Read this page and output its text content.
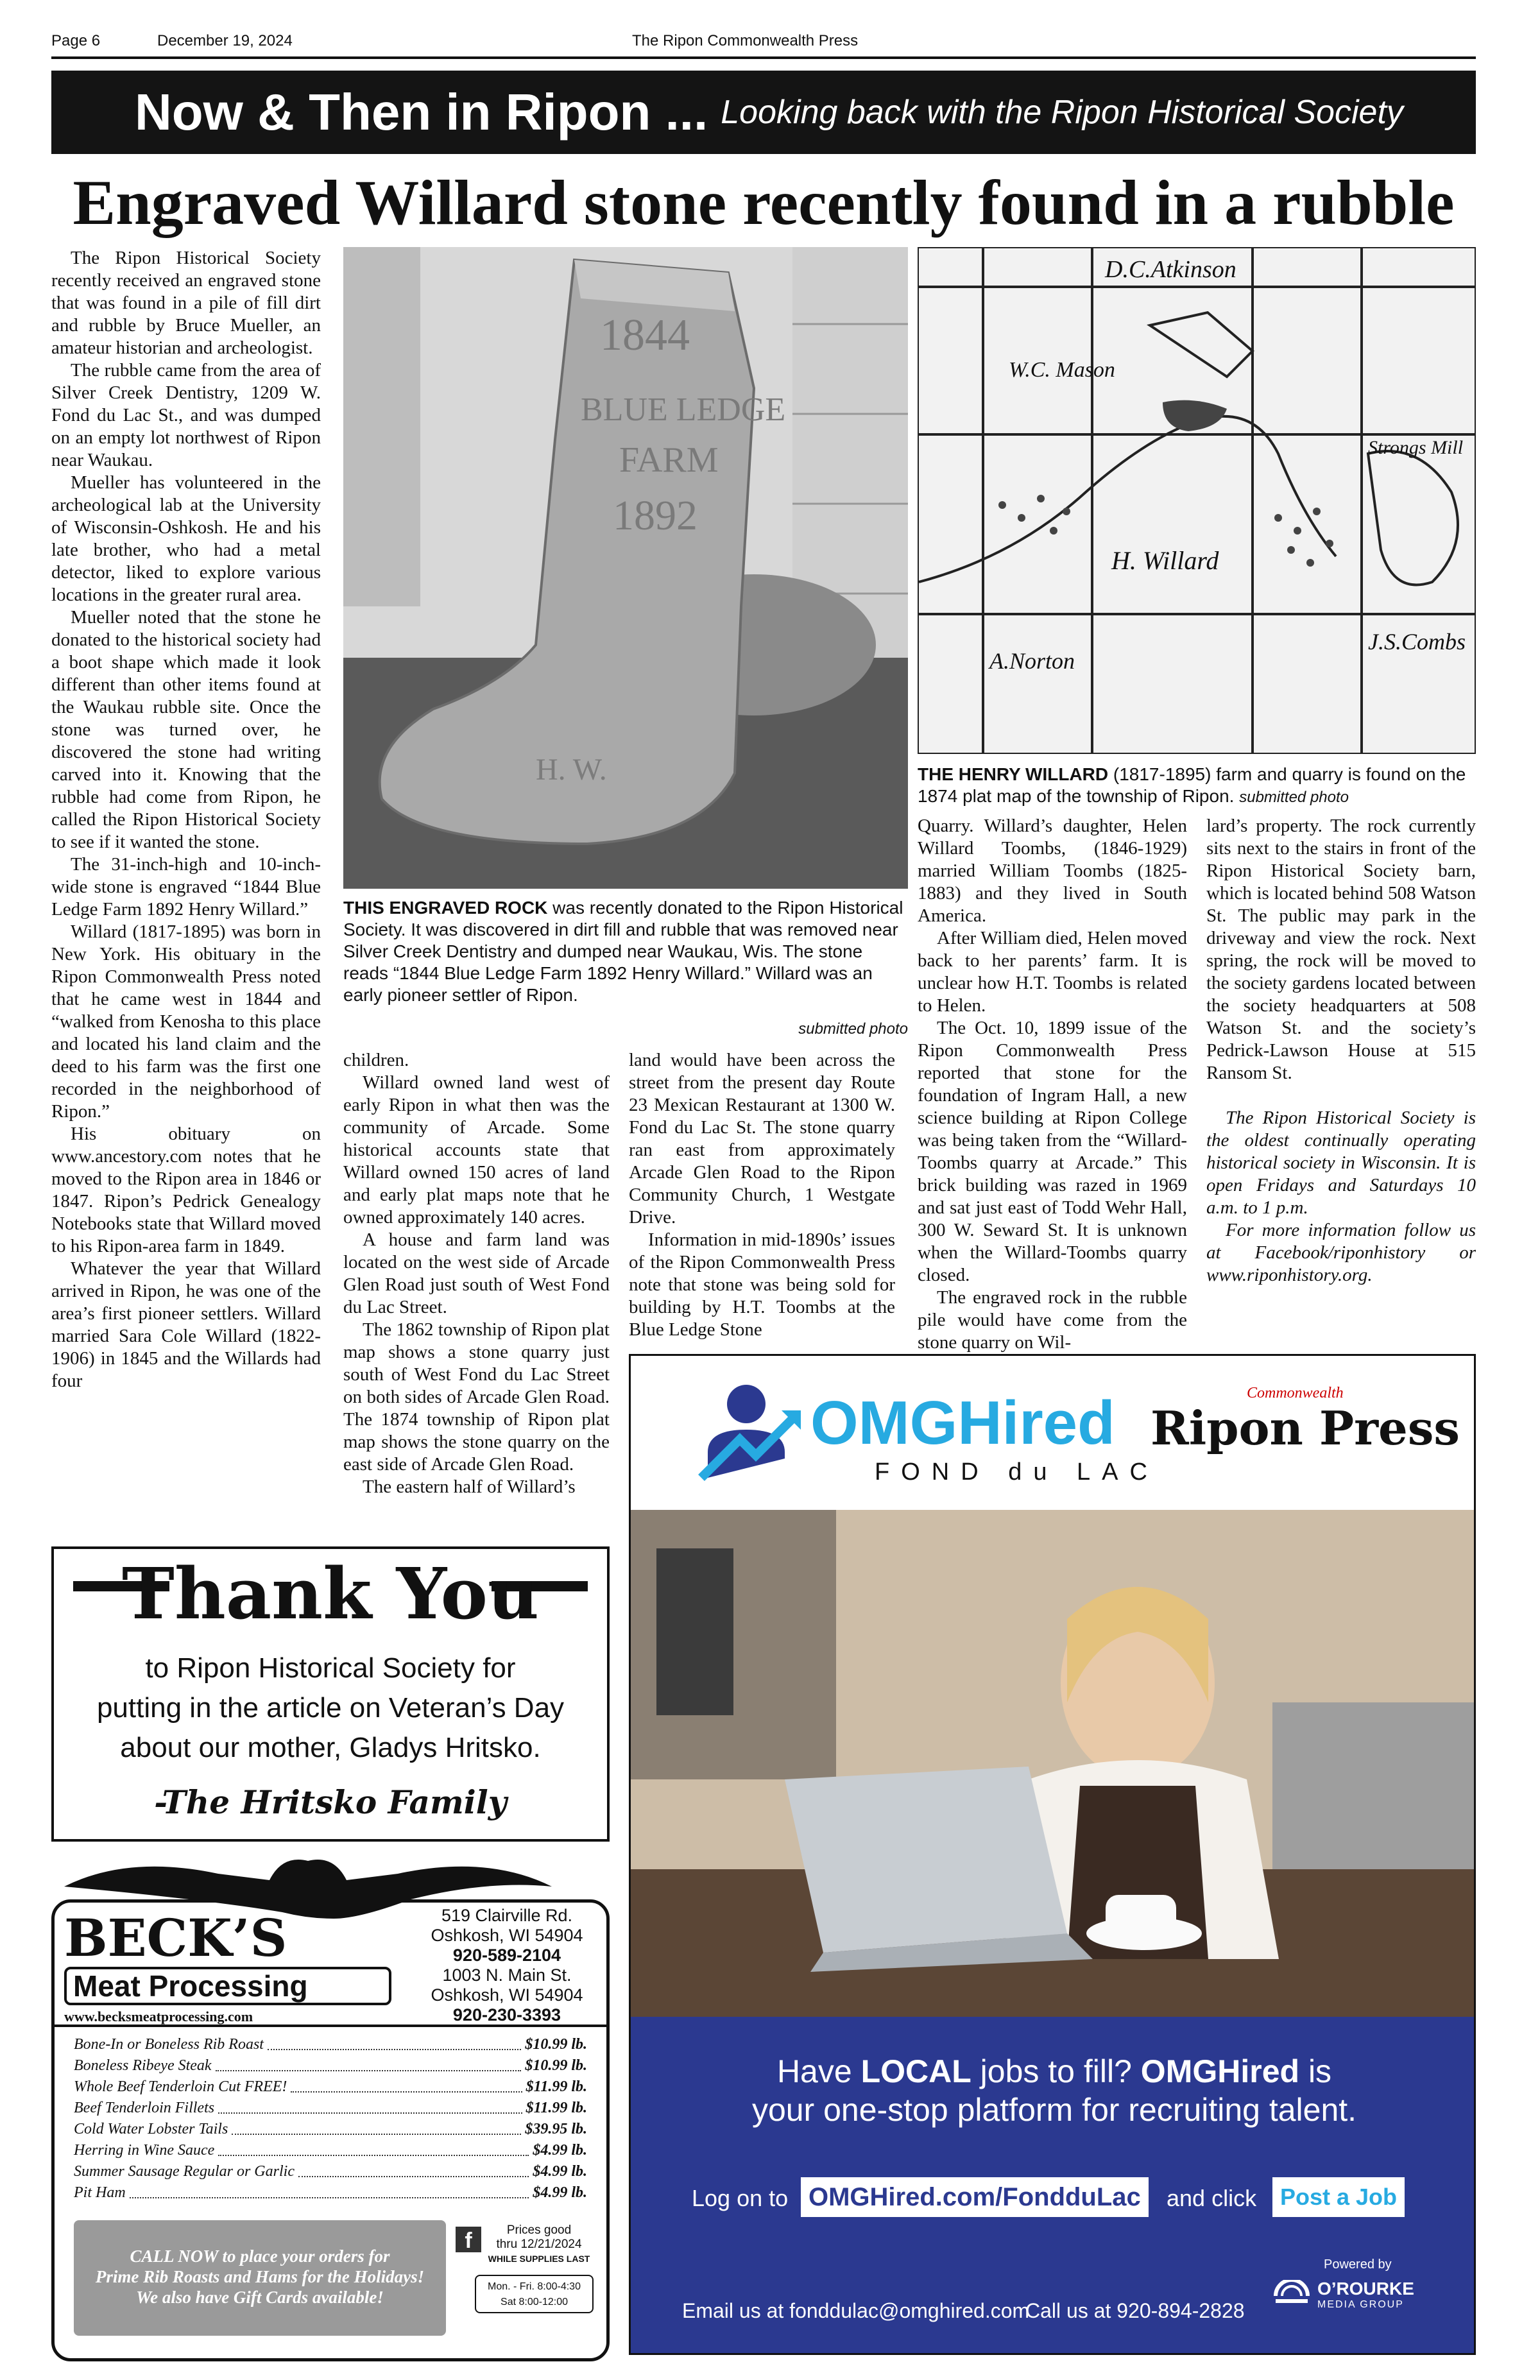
Page 6	December 19, 2024	The Ripon Commonwealth Press
Now & Then in Ripon ... Looking back with the Ripon Historical Society
Engraved Willard stone recently found in a rubble

The Ripon Historical Society recently received an engraved stone that was found in a pile of fill dirt and rubble by Bruce Mueller, an amateur historian and archeologist.

The rubble came from the area of Silver Creek Dentistry, 1209 W. Fond du Lac St., and was dumped on an empty lot northwest of Ripon near Waukau.

Mueller has volunteered in the archeological lab at the University of Wisconsin-Oshkosh. He and his late brother, who had a metal detector, liked to explore various locations in the greater rural area.

Mueller noted that the stone he donated to the historical society had a boot shape which made it look different than other items found at the Waukau rubble site. Once the stone was turned over, he discovered the stone had writing carved into it. Knowing that the rubble had come from Ripon, he called the Ripon Historical Society to see if it wanted the stone.

The 31-inch-high and 10-inch-wide stone is engraved “1844 Blue Ledge Farm 1892 Henry Willard.”

Willard (1817-1895) was born in New York. His obituary in the Ripon Commonwealth Press noted that he came west in 1844 and “walked from Kenosha to this place and located his land claim and the deed to his farm was the first one recorded in the neighborhood of Ripon.”

His obituary on www.ancestory.com notes that he moved to the Ripon area in 1846 or 1847. Ripon’s Pedrick Genealogy Notebooks state that Willard moved to his Ripon-area farm in 1849.

Whatever the year that Willard arrived in Ripon, he was one of the area’s first pioneer settlers. Willard married Sara Cole Willard (1822-1906) in 1845 and the Willards had four

1844
BLUE LEDGE
FARM
1892
H. W.
THIS ENGRAVED ROCK was recently donated to the Ripon Historical Society. It was discovered in dirt fill and rubble that was removed near Silver Creek Dentistry and dumped near Waukau, Wis. The stone reads “1844 Blue Ledge Farm 1892 Henry Willard.” Willard was an early pioneer settler of Ripon.
submitted photo
D.C.Atkinson
J.S.Combs
A.Norton
H. Willard
Strongs Mill
W.C. Mason
THE HENRY WILLARD (1817-1895) farm and quarry is found on the 1874 plat map of the township of Ripon. submitted photo

children.

Willard owned land west of early Ripon in what then was the community of Arcade. Some historical accounts state that Willard owned 150 acres of land and early plat maps note that he owned approximately 140 acres.

A house and farm land was located on the west side of Arcade Glen Road just south of West Fond du Lac Street.

The 1862 township of Ripon plat map shows a stone quarry just south of West Fond du Lac Street on both sides of Arcade Glen Road. The 1874 township of Ripon plat map shows the stone quarry on the east side of Arcade Glen Road.

The eastern half of Willard’s

land would have been across the street from the present day Route 23 Mexican Restaurant at 1300 W. Fond du Lac St. The stone quarry ran east from approximately Arcade Glen Road to the Ripon Community Church, 1 Westgate Drive.

Information in mid-1890s’ issues of the Ripon Commonwealth Press note that stone was being sold for building by H.T. Toombs at the Blue Ledge Stone

Quarry. Willard’s daughter, Helen Willard Toombs, (1846-1929) married William Toombs (1825-1883) and they lived in South America.

After William died, Helen moved back to her parents’ farm. It is unclear how H.T. Toombs is related to Helen.

The Oct. 10, 1899 issue of the Ripon Commonwealth Press reported that stone for the foundation of Ingram Hall, a new science building at Ripon College was being taken from the “Willard-Toombs quarry at Arcade.” This brick building was razed in 1969 and sat just east of Todd Wehr Hall, 300 W. Seward St. It is unknown when the Willard-Toombs quarry closed.

The engraved rock in the rubble pile would have come from the stone quarry on Wil-

lard’s property. The rock currently sits next to the stairs in front of the Ripon Historical Society barn, which is located behind 508 Watson St. The public may park in the driveway and view the rock. Next spring, the rock will be moved to the society gardens located between the society headquarters at 508 Watson St. and the society’s Pedrick-Lawson House at 515 Ransom St.

The Ripon Historical Society is the oldest continually operating historical society in Wisconsin. It is open Fridays and Saturdays 10 a.m. to 1 p.m.

For more information follow us at Facebook/riponhistory or www.riponhistory.org.

Thank You
to Ripon Historical Society for
putting in the article on Veteran’s Day
about our mother, Gladys Hritsko.
-The Hritsko Family
BECK’S
Meat Processing
www.becksmeatprocessing.com
519 Clairville Rd.
Oshkosh, WI 54904
920-589-2104
1003 N. Main St.
Oshkosh, WI 54904
920-230-3393
Bone-In or Boneless Rib Roast	$10.99 lb.
Boneless Ribeye Steak	$10.99 lb.
Whole Beef Tenderloin Cut FREE!	$11.99 lb.
Beef Tenderloin Fillets	$11.99 lb.
Cold Water Lobster Tails	$39.95 lb.
Herring in Wine Sauce	$4.99 lb.
Summer Sausage Regular or Garlic	$4.99 lb.
Pit Ham	$4.99 lb.
CALL NOW to place your orders for
Prime Rib Roasts and Hams for the Holidays!
We also have Gift Cards available!
f	Prices good
thru 12/21/2024
WHILE SUPPLIES LAST
Mon. - Fri. 8:00-4:30
Sat 8:00-12:00
OMGHired
FOND du LAC
Commonwealth
Ripon Press
Have LOCAL jobs to fill? OMGHired is
your one-stop platform for recruiting talent.
Log on to OMGHired.com/FondduLac	and click	Post a Job
Powered by
O’ROURKE
MEDIA GROUP
Email us at fonddulac@omghired.com
Call us at 920-894-2828
